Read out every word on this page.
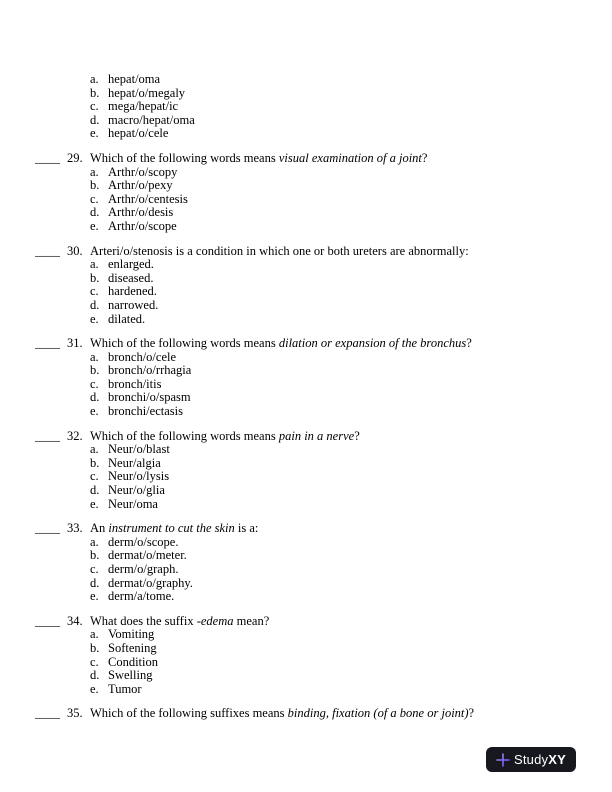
a. hepat/oma
b. hepat/o/megaly
c. mega/hepat/ic
d. macro/hepat/oma
e. hepat/o/cele
____ 29. Which of the following words means visual examination of a joint?
a. Arthr/o/scopy
b. Arthr/o/pexy
c. Arthr/o/centesis
d. Arthr/o/desis
e. Arthr/o/scope
____ 30. Arteri/o/stenosis is a condition in which one or both ureters are abnormally:
a. enlarged.
b. diseased.
c. hardened.
d. narrowed.
e. dilated.
____ 31. Which of the following words means dilation or expansion of the bronchus?
a. bronch/o/cele
b. bronch/o/rrhagia
c. bronch/itis
d. bronchi/o/spasm
e. bronchi/ectasis
____ 32. Which of the following words means pain in a nerve?
a. Neur/o/blast
b. Neur/algia
c. Neur/o/lysis
d. Neur/o/glia
e. Neur/oma
____ 33. An instrument to cut the skin is a:
a. derm/o/scope.
b. dermat/o/meter.
c. derm/o/graph.
d. dermat/o/graphy.
e. derm/a/tome.
____ 34. What does the suffix -edema mean?
a. Vomiting
b. Softening
c. Condition
d. Swelling
e. Tumor
____ 35. Which of the following suffixes means binding, fixation (of a bone or joint)?
StudyXY
